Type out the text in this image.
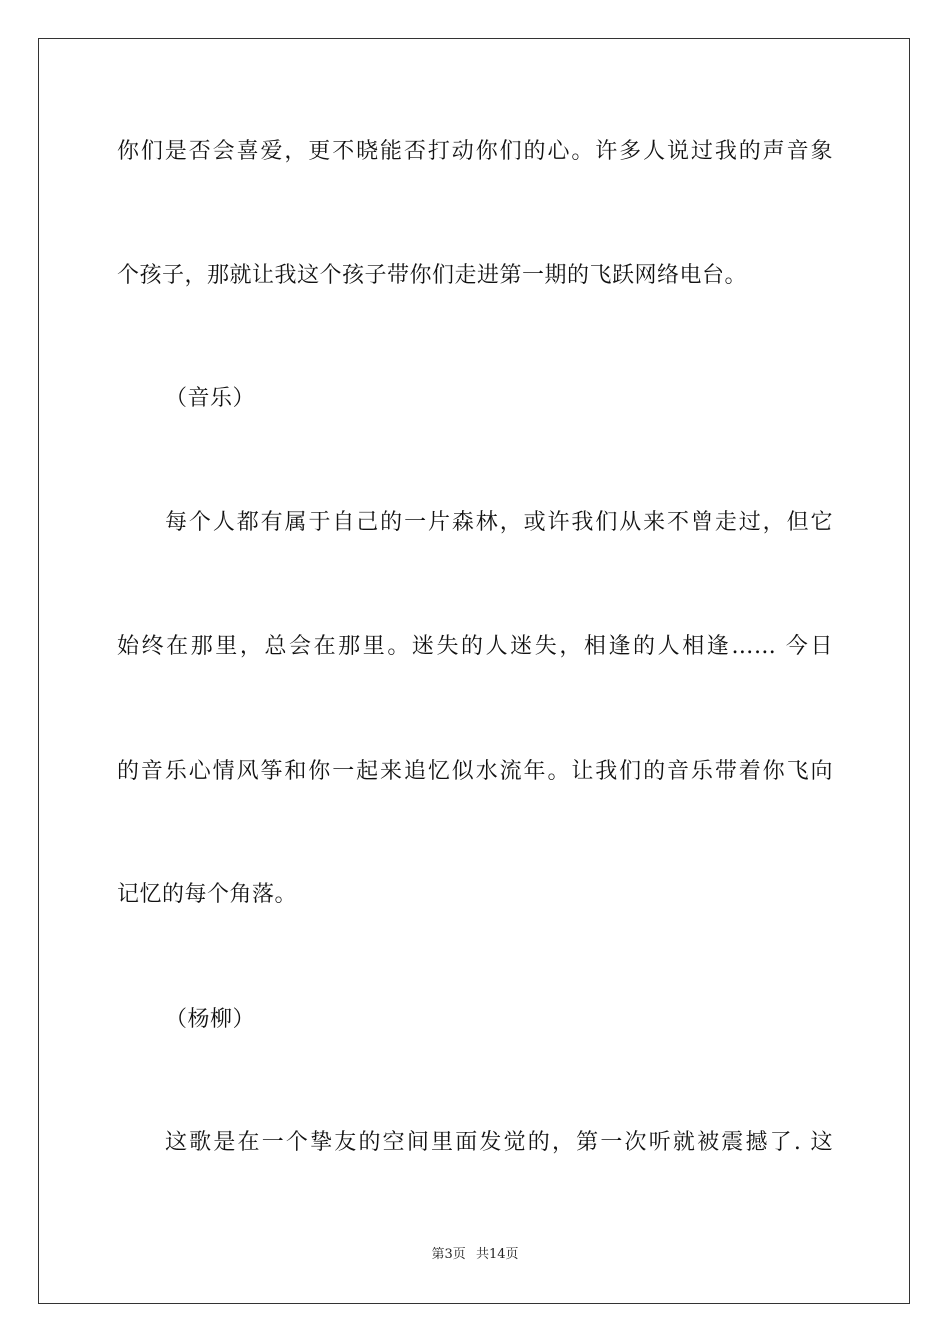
你们是否会喜爱，更不晓能否打动你们的心。许多人说过我的声音象
个孩子，那就让我这个孩子带你们走进第一期的飞跃网络电台。
（音乐）
每个人都有属于自己的一片森林，或许我们从来不曾走过，但它
始终在那里，总会在那里。迷失的人迷失，相逢的人相逢…… 今日
的音乐心情风筝和你一起来追忆似水流年。让我们的音乐带着你飞向
记忆的每个角落。
（杨柳）
这歌是在一个挚友的空间里面发觉的，第一次听就被震撼了. 这
第3页 共14页
